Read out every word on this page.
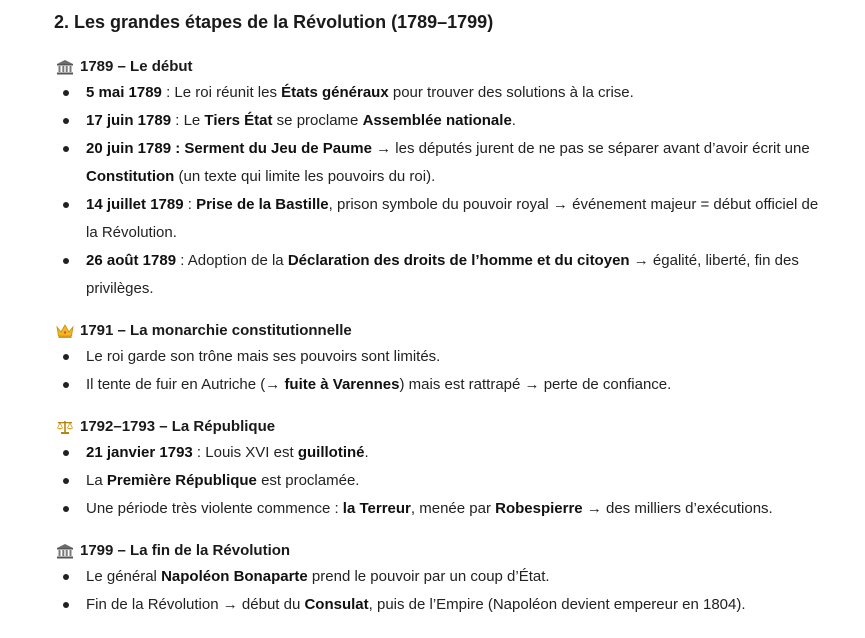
2. Les grandes étapes de la Révolution (1789–1799)
1789 – Le début
5 mai 1789 : Le roi réunit les États généraux pour trouver des solutions à la crise.
17 juin 1789 : Le Tiers État se proclame Assemblée nationale.
20 juin 1789 : Serment du Jeu de Paume → les députés jurent de ne pas se séparer avant d’avoir écrit une Constitution (un texte qui limite les pouvoirs du roi).
14 juillet 1789 : Prise de la Bastille, prison symbole du pouvoir royal → événement majeur = début officiel de la Révolution.
26 août 1789 : Adoption de la Déclaration des droits de l’homme et du citoyen → égalité, liberté, fin des privilèges.
1791 – La monarchie constitutionnelle
Le roi garde son trône mais ses pouvoirs sont limités.
Il tente de fuir en Autriche (→ fuite à Varennes) mais est rattrapé → perte de confiance.
1792–1793 – La République
21 janvier 1793 : Louis XVI est guillotiné.
La Première République est proclamée.
Une période très violente commence : la Terreur, menée par Robespierre → des milliers d’exécutions.
1799 – La fin de la Révolution
Le général Napoléon Bonaparte prend le pouvoir par un coup d’État.
Fin de la Révolution → début du Consulat, puis de l’Empire (Napoléon devient empereur en 1804).
